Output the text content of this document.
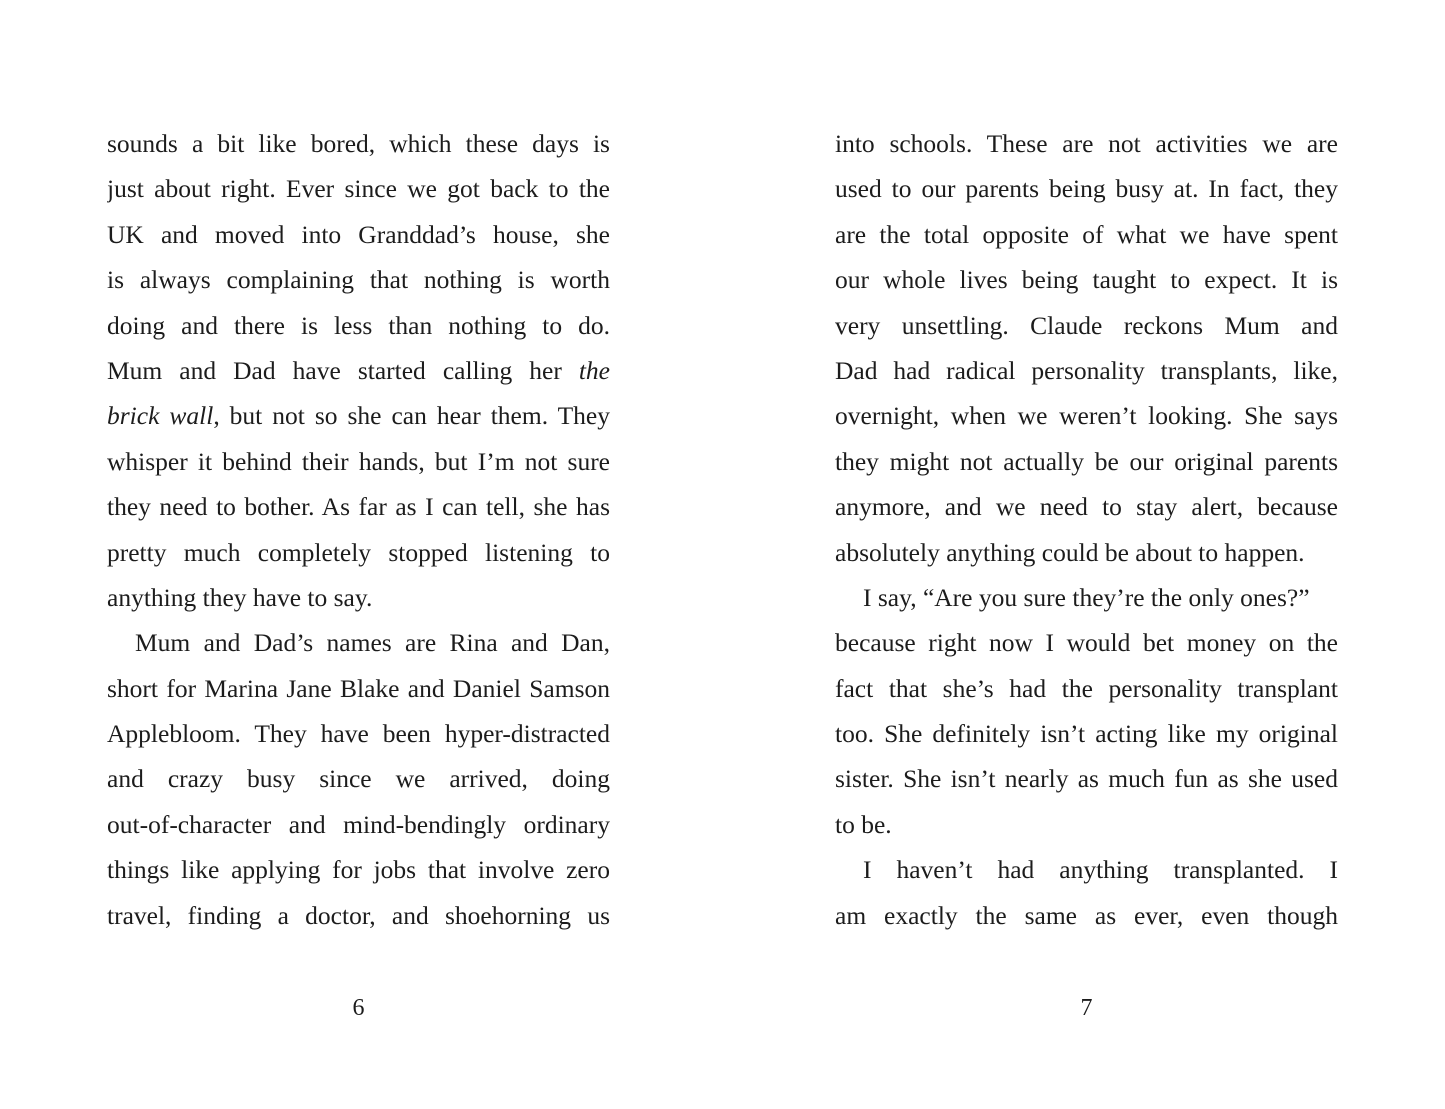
sounds a bit like bored, which these days is
just about right. Ever since we got back to the
UK and moved into Granddad’s house, she
is always complaining that nothing is worth
doing and there is less than nothing to do.
Mum and Dad have started calling her the
brick wall, but not so she can hear them. They
whisper it behind their hands, but I’m not sure
they need to bother. As far as I can tell, she has
pretty much completely stopped listening to
anything they have to say.
Mum and Dad’s names are Rina and Dan,
short for Marina Jane Blake and Daniel Samson
Applebloom. They have been hyper-distracted
and crazy busy since we arrived, doing
out-of-character and mind-bendingly ordinary
things like applying for jobs that involve zero
travel, finding a doctor, and shoehorning us
6
into schools. These are not activities we are
used to our parents being busy at. In fact, they
are the total opposite of what we have spent
our whole lives being taught to expect. It is
very unsettling. Claude reckons Mum and
Dad had radical personality transplants, like,
overnight, when we weren’t looking. She says
they might not actually be our original parents
anymore, and we need to stay alert, because
absolutely anything could be about to happen.
I say, “Are you sure they’re the only ones?”
because right now I would bet money on the
fact that she’s had the personality transplant
too. She definitely isn’t acting like my original
sister. She isn’t nearly as much fun as she used
to be.
I haven’t had anything transplanted. I
am exactly the same as ever, even though
7
